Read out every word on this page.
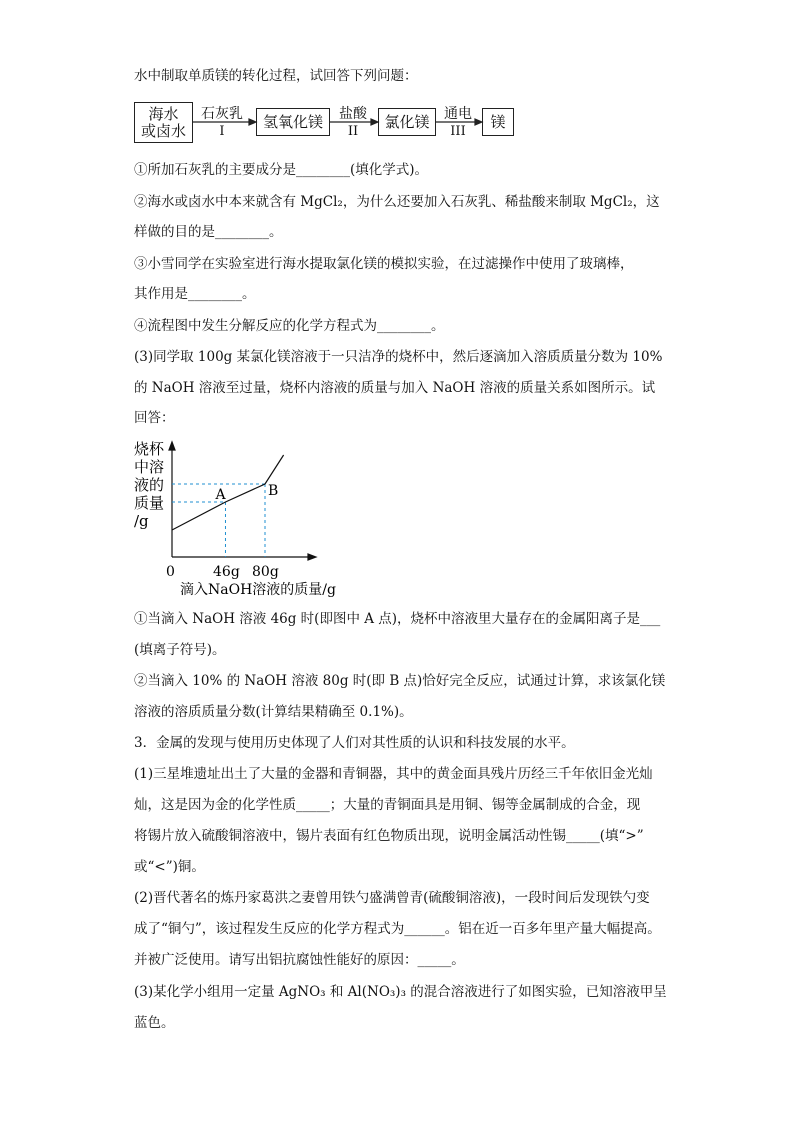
水中制取单质镁的转化过程，试回答下列问题：
海水
或卤水	氢氧化镁	氯化镁	镁
石灰乳
I
盐酸
II
通电
III
①所加石灰乳的主要成分是________(填化学式)。
②海水或卤水中本来就含有 MgCl₂，为什么还要加入石灰乳、稀盐酸来制取 MgCl₂，这
样做的目的是________。
③小雪同学在实验室进行海水提取氯化镁的模拟实验，在过滤操作中使用了玻璃棒，
其作用是________。
④流程图中发生分解反应的化学方程式为________。
(3)同学取 100g 某氯化镁溶液于一只洁净的烧杯中，然后逐滴加入溶质质量分数为 10%
的 NaOH 溶液至过量，烧杯内溶液的质量与加入 NaOH 溶液的质量关系如图所示。试
回答：
烧杯
中溶
液的
质量
/g
0	46g 80g
滴入NaOH溶液的质量/g
A	B
①当滴入 NaOH 溶液 46g 时(即图中 A 点)，烧杯中溶液里大量存在的金属阳离子是___
(填离子符号)。
②当滴入 10% 的 NaOH 溶液 80g 时(即 B 点)恰好完全反应，试通过计算，求该氯化镁
溶液的溶质质量分数(计算结果精确至 0.1%)。
3．金属的发现与使用历史体现了人们对其性质的认识和科技发展的水平。
(1)三星堆遗址出土了大量的金器和青铜器，其中的黄金面具残片历经三千年依旧金光灿
灿，这是因为金的化学性质_____；大量的青铜面具是用铜、锡等金属制成的合金，现
将锡片放入硫酸铜溶液中，锡片表面有红色物质出现，说明金属活动性锡_____(填“>”
或“<”)铜。
(2)晋代著名的炼丹家葛洪之妻曾用铁勺盛满曾青(硫酸铜溶液)，一段时间后发现铁勺变
成了“铜勺”，该过程发生反应的化学方程式为______。铝在近一百多年里产量大幅提高。
并被广泛使用。请写出铝抗腐蚀性能好的原因：_____。
(3)某化学小组用一定量 AgNO₃ 和 Al(NO₃)₃ 的混合溶液进行了如图实验，已知溶液甲呈
蓝色。
